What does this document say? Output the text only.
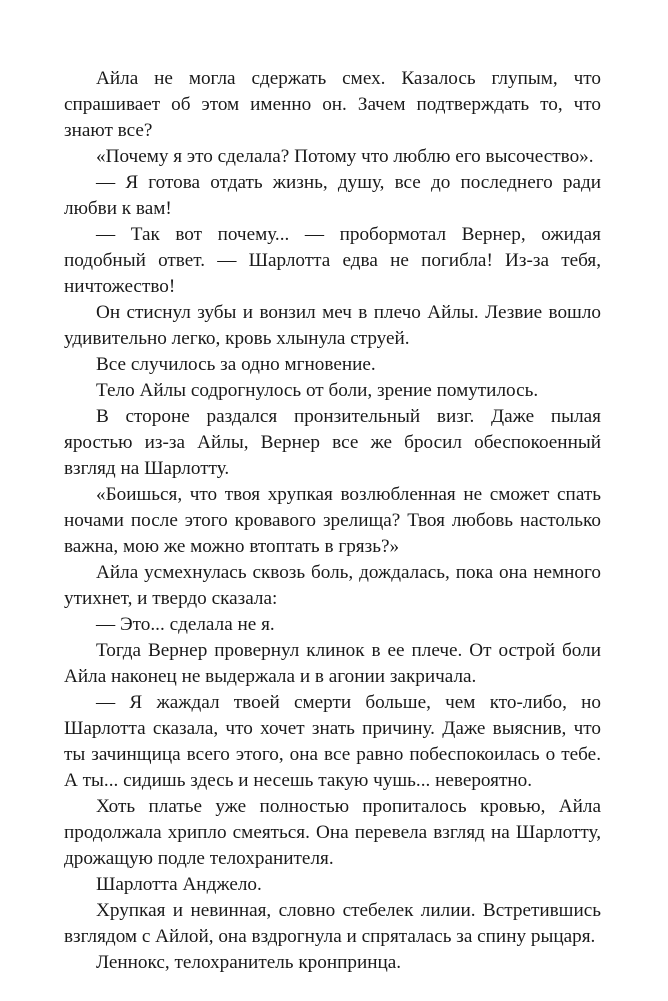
Айла не могла сдержать смех. Казалось глупым, что спрашивает об этом именно он. Зачем подтверждать то, что знают все?

«Почему я это сделала? Потому что люблю его высочество».

— Я готова отдать жизнь, душу, все до последнего ради любви к вам!

— Так вот почему... — пробормотал Вернер, ожидая подобный ответ. — Шарлотта едва не погибла! Из-за тебя, ничтожество!

Он стиснул зубы и вонзил меч в плечо Айлы. Лезвие вошло удивительно легко, кровь хлынула струей.

Все случилось за одно мгновение.

Тело Айлы содрогнулось от боли, зрение помутилось.

В стороне раздался пронзительный визг. Даже пылая яростью из-за Айлы, Вернер все же бросил обеспокоенный взгляд на Шарлотту.

«Боишься, что твоя хрупкая возлюбленная не сможет спать ночами после этого кровавого зрелища? Твоя любовь настолько важна, мою же можно втоптать в грязь?»

Айла усмехнулась сквозь боль, дождалась, пока она немного утихнет, и твердо сказала:

— Это... сделала не я.

Тогда Вернер провернул клинок в ее плече. От острой боли Айла наконец не выдержала и в агонии закричала.

— Я жаждал твоей смерти больше, чем кто-либо, но Шарлотта сказала, что хочет знать причину. Даже выяснив, что ты зачинщица всего этого, она все равно побеспокоилась о тебе. А ты... сидишь здесь и несешь такую чушь... невероятно.

Хоть платье уже полностью пропиталось кровью, Айла продолжала хрипло смеяться. Она перевела взгляд на Шарлотту, дрожащую подле телохранителя.

Шарлотта Анджело.

Хрупкая и невинная, словно стебелек лилии. Встретившись взглядом с Айлой, она вздрогнула и спряталась за спину рыцаря.

Леннокс, телохранитель кронпринца.
